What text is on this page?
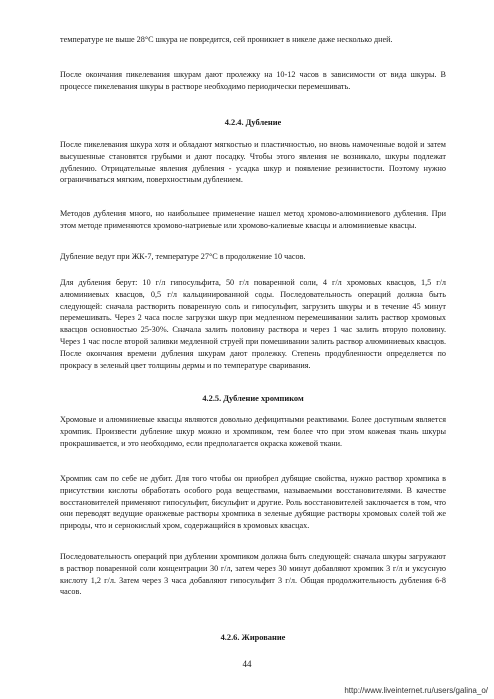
температуре не выше 28°С шкура не повредится, сей проникнет в никеле даже несколько дней.

После окончания пикелевания шкурам дают пролежку на 10-12 часов в зависимости от вида шкуры. В процессе пикелевания шкуры в растворе необходимо периодически перемешивать.

4.2.4. Дубление

После пикелевания шкура хотя и обладают мягкостью и пластичностью, но вновь намоченные водой и затем высушенные становятся грубыми и дают посадку. Чтобы этого явления не возникало, шкуры подлежат дублению. Отрицательные явления дубления - усадка шкур и появление резинистости. Поэтому нужно ограничиваться мягким, поверхностным дублением.

Методов дубления много, но наибольшее применение нашел метод хромово-алюминиевого дубления. При этом методе применяются хромово-натриевые или хромово-калиевые квасцы и алюминиевые квасцы.

Дубление ведут при ЖК-7, температуре 27°С в продолжение 10 часов.

Для дубления берут: 10 г/л гипосульфита, 50 г/л поваренной соли, 4 г/л хромовых квасцов, 1,5 г/л алюминиевых квасцов, 0,5 г/л кальцинированной соды. Последовательность операций должна быть следующей: сначала растворить поваренную соль и гипосульфит, загрузить шкуры и в течение 45 минут перемешивать. Через 2 часа после загрузки шкур при медленном перемешивании залить раствор хромовых квасцов основностью 25-30%. Сначала залить половину раствора и через 1 час залить вторую половину. Через 1 час после второй заливки медленной струей при помешивании залить раствор алюминиевых квасцов. После окончания времени дубления шкурам дают пролежку. Степень продубленности определяется по прокрасу в зеленый цвет толщины дермы и по температуре сваривания.

4.2.5. Дубление хромпиком

Хромовые и алюминиевые квасцы являются довольно дефицитными реактивами. Более доступным является хромпик. Произвести дубление шкур можно и хромпиком, тем более что при этом кожевая ткань шкуры прокрашивается, и это необходимо, если предполагается окраска кожевой ткани.

Хромпик сам по себе не дубит. Для того чтобы он приобрел дубящие свойства, нужно раствор хромпика в присутствии кислоты обработать особого рода веществами, называемыми восстановителями. В качестве восстановителей применяют гипосульфит, бисульфит и другие. Роль восстановителей заключается в том, что они переводят ведущие оранжевые растворы хромпика в зеленые дубящие растворы хромовых солей той же природы, что и сернокислый хром, содержащийся в хромовых квасцах.

Последовательность операций при дублении хромпиком должна быть следующей: сначала шкуры загружают в раствор поваренной соли концентрации 30 г/л, затем через 30 минут добавляют хромпик 3 г/л и уксусную кислоту 1,2 г/л. Затем через 3 часа добавляют гипосульфит 3 г/л. Общая продолжительность дубления 6-8 часов.

4.2.6. Жирование

44
http://www.liveinternet.ru/users/galina_o/
